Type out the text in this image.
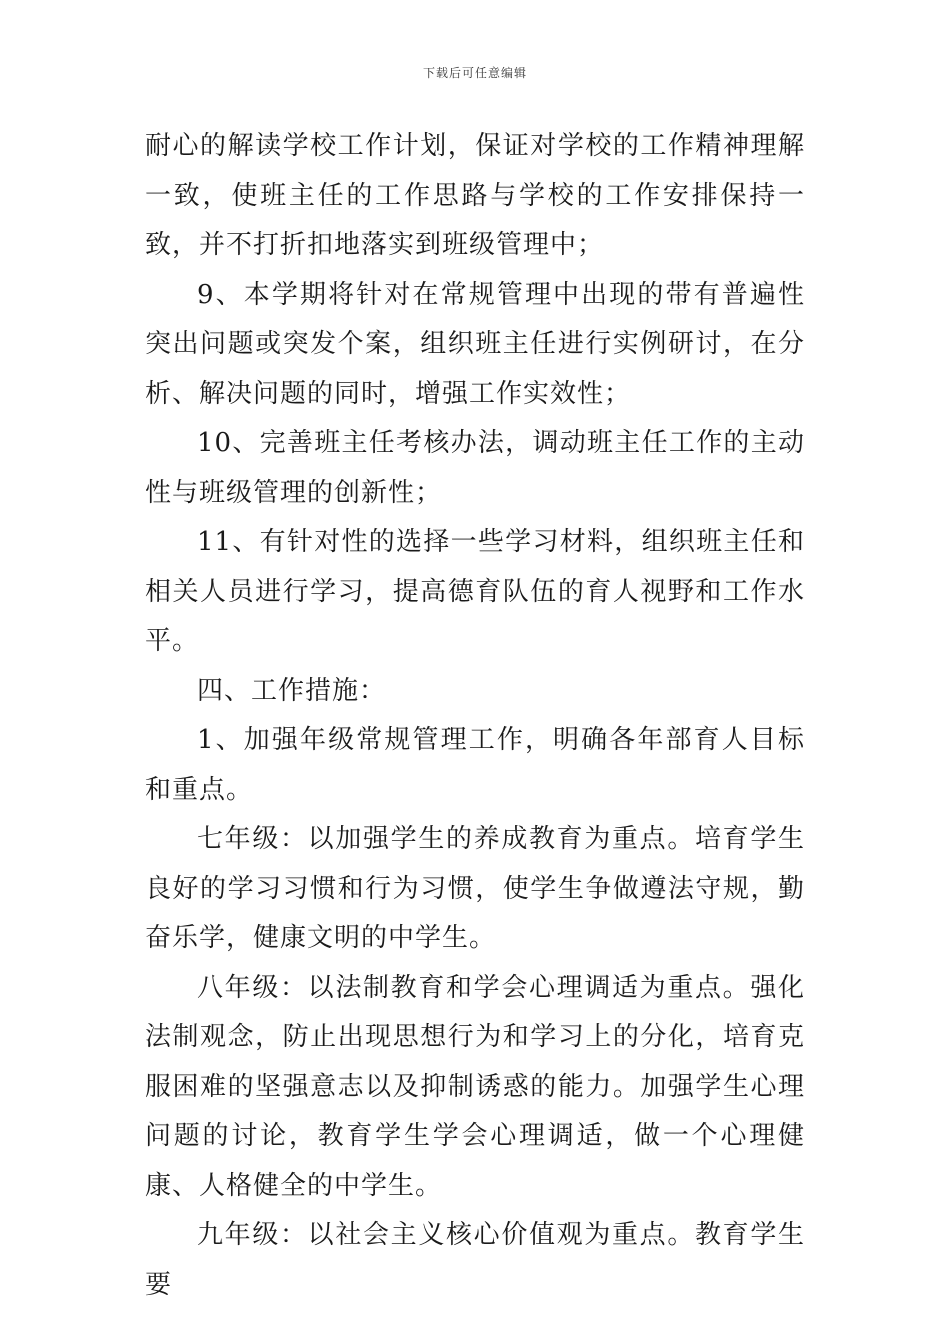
下载后可任意编辑

耐心的解读学校工作计划，保证对学校的工作精神理解一致，使班主任的工作思路与学校的工作安排保持一致，并不打折扣地落实到班级管理中；

9、本学期将针对在常规管理中出现的带有普遍性突出问题或突发个案，组织班主任进行实例研讨，在分析、解决问题的同时，增强工作实效性；

10、完善班主任考核办法，调动班主任工作的主动性与班级管理的创新性；

11、有针对性的选择一些学习材料，组织班主任和相关人员进行学习，提高德育队伍的育人视野和工作水平。

四、工作措施：

1、加强年级常规管理工作，明确各年部育人目标和重点。

七年级：以加强学生的养成教育为重点。培育学生良好的学习习惯和行为习惯，使学生争做遵法守规，勤奋乐学，健康文明的中学生。

八年级：以法制教育和学会心理调适为重点。强化法制观念，防止出现思想行为和学习上的分化，培育克服困难的坚强意志以及抑制诱惑的能力。加强学生心理问题的讨论，教育学生学会心理调适，做一个心理健康、人格健全的中学生。

九年级：以社会主义核心价值观为重点。教育学生要
